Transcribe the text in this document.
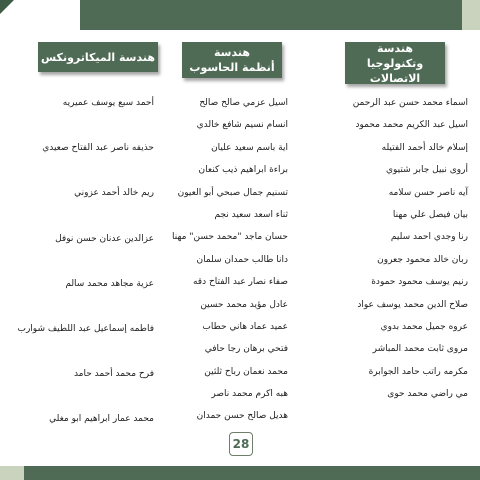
هندسة
وتكنولوجيا الاتصالات
اسماء محمد حسن عبد الرحمن
اسيل عبد الكريم محمد محمود
إسلام خالد أحمد الفتيله
أروى نبيل جابر شتيوي
آيه ناصر حسن سلامه
بيان فيصل علي مهنا
رنا وجدي احمد سليم
ربان خالد محمود جعرون
رنيم يوسف محمود حمودة
صلاح الدين محمد يوسف عواد
عروه جميل محمد بدوي
مروى ثابت محمد المباشر
مكرمه راتب حامد الجوابرة
مي راضي محمد حوى
هندسة
أنظمة الحاسوب
اسيل عزمي صالح صالح
انسام نسيم شافع خالدي
اية باسم سعيد عليان
براءة ابراهيم ذيب كنعان
تسنيم جمال صبحي أبو العيون
ثناء اسعد سعيد نجم
حسان ماجد "محمد حسن" مهنا
دانا طالب حمدان سلمان
صفاء نصار عبد الفتاح دقه
عادل مؤيد محمد حسين
عميد عماد هاني حطاب
فتحي برهان رجا حافي
محمد نعمان رباح ثلثين
هبه اكرم محمد ناصر
هديل صالح حسن حمدان
هندسة الميكاترونكس
أحمد سبع يوسف عميريه
حذيفه ناصر عبد الفتاح صعيدي
ريم خالد أحمد عزوني
عزالدين عدنان حسن نوفل
عزية مجاهد محمد سالم
فاطمه إسماعيل عبد اللطيف شوارب
فرح محمد أحمد حامد
محمد عمار ابراهيم ابو مغلي
28
